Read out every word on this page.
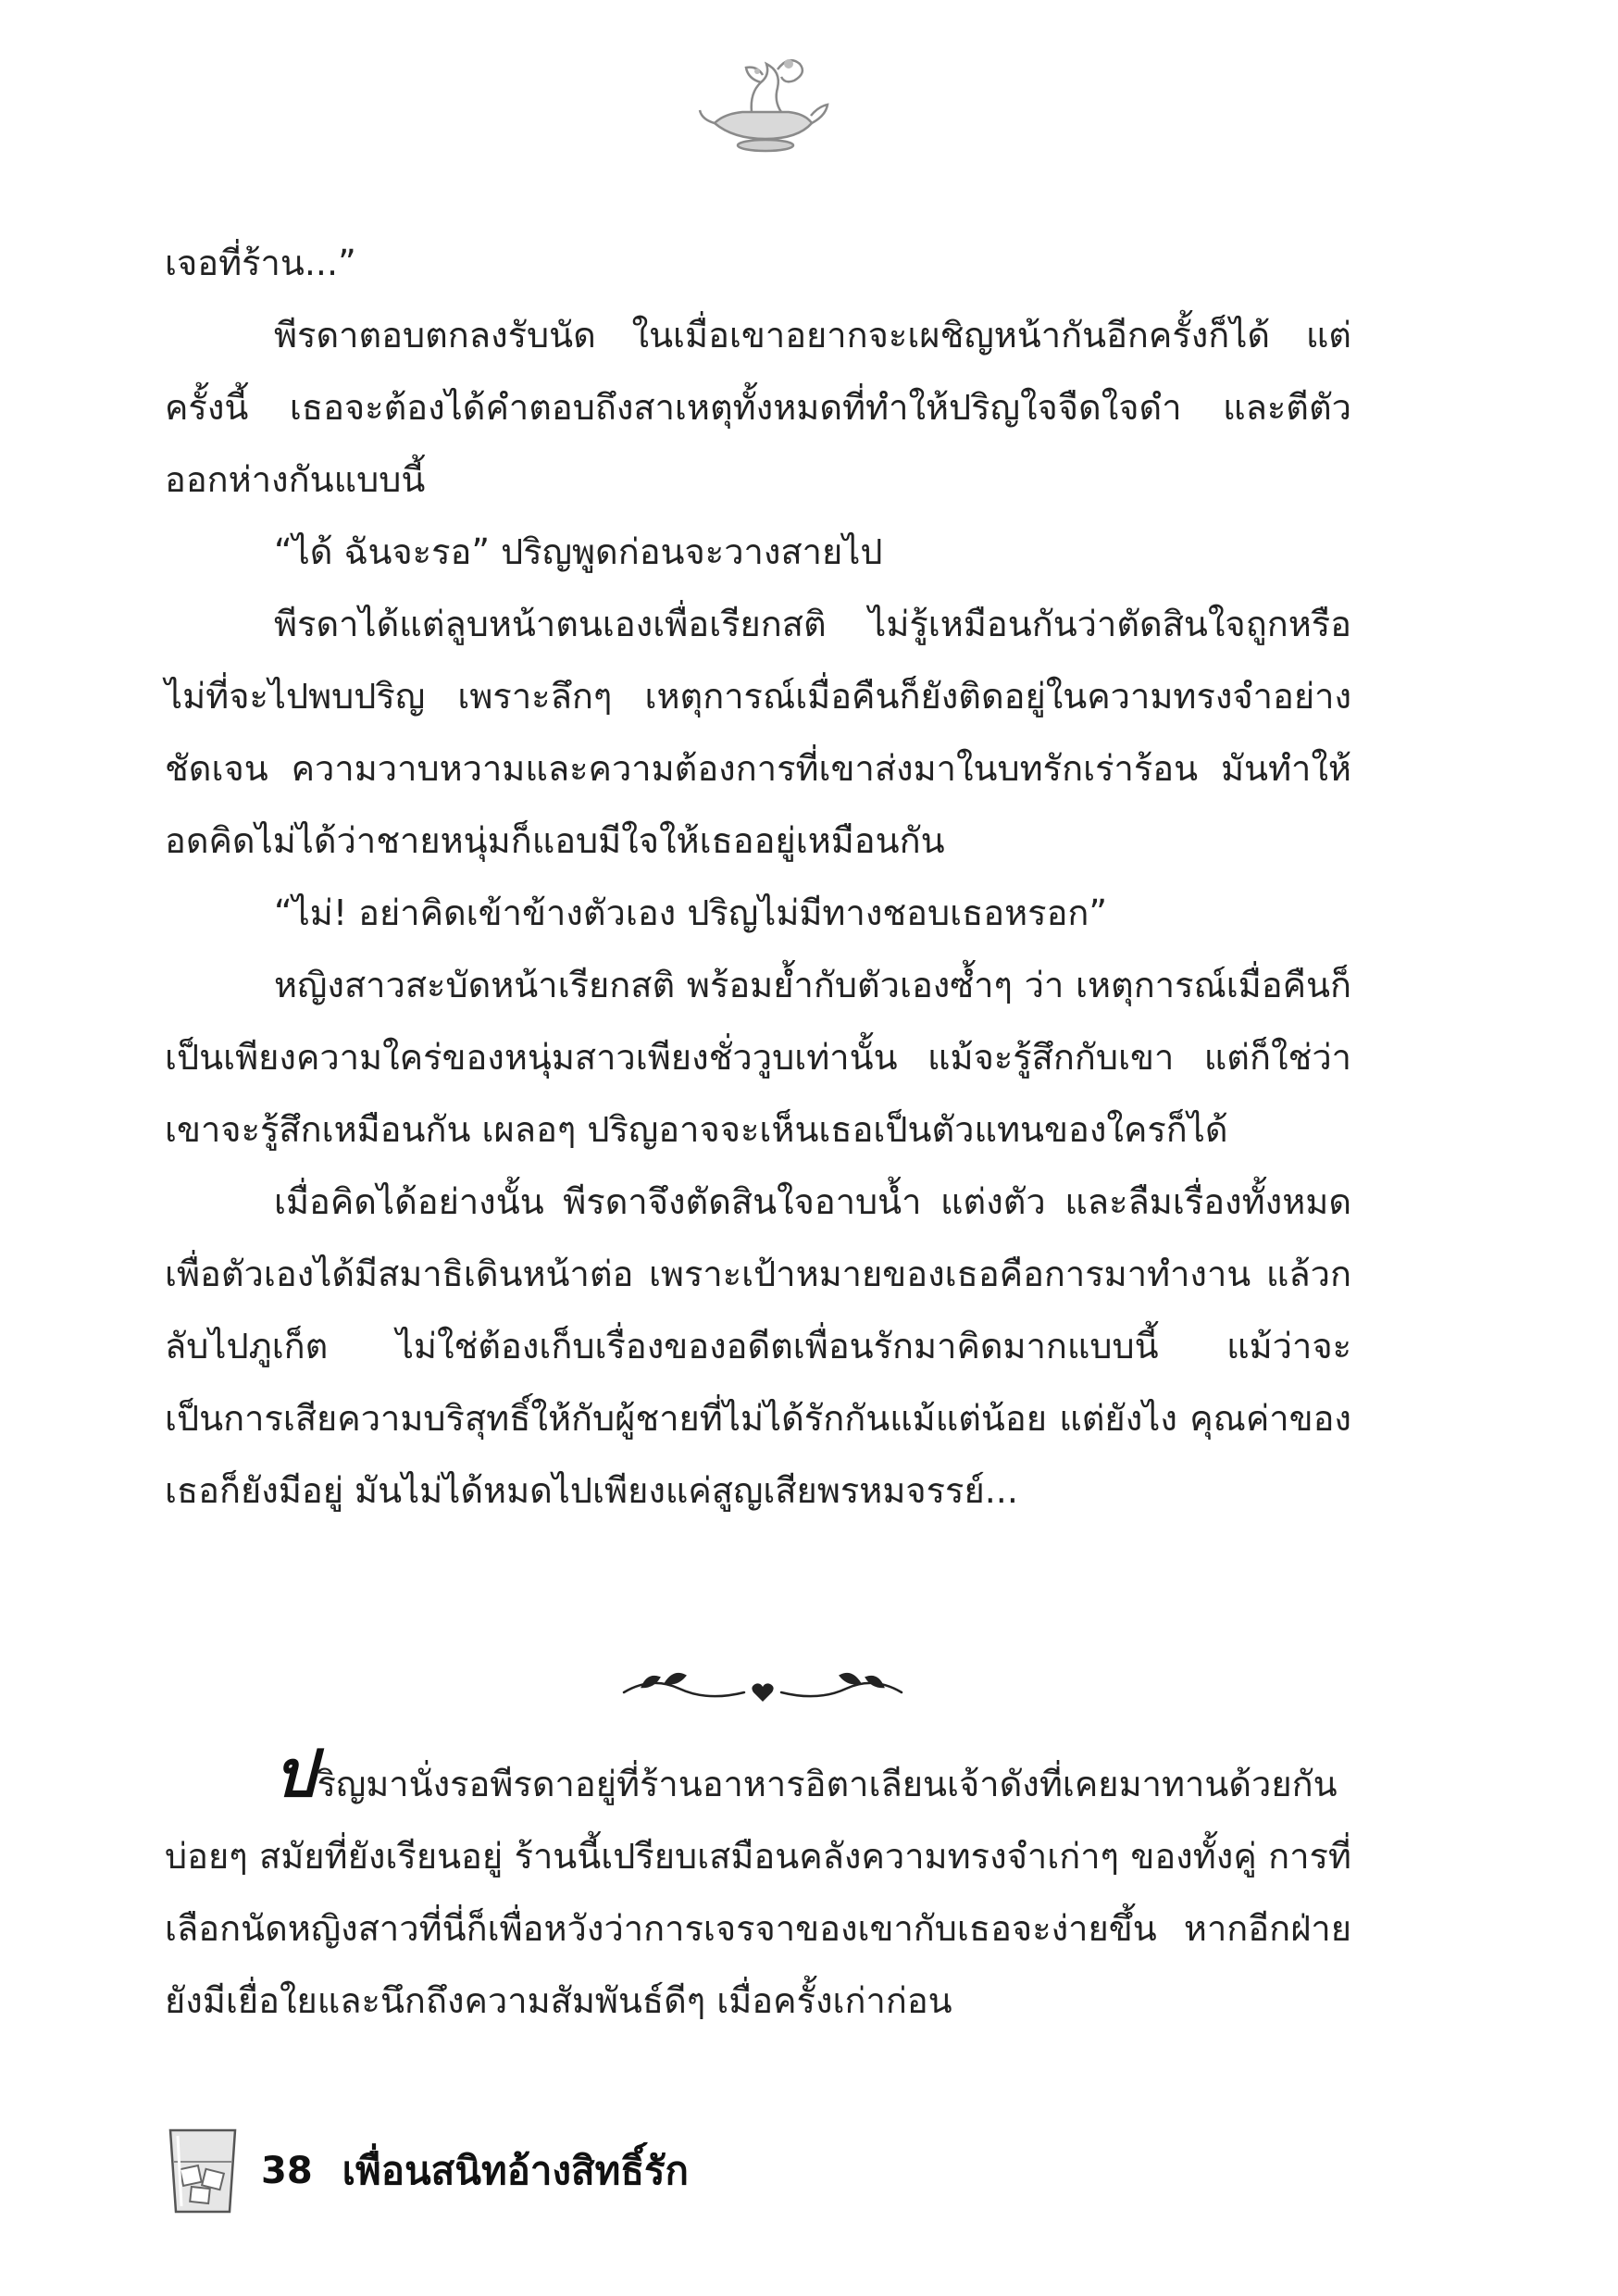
เจอที่ร้าน...”

พีรดาตอบตกลงรับนัด ในเมื่อเขาอยากจะเผชิญหน้ากันอีกครั้งก็ได้ แต่ครั้งนี้ เธอจะต้องได้คำตอบถึงสาเหตุทั้งหมดที่ทำให้ปริญใจจืดใจดำ และตีตัวออกห่างกันแบบนี้

“ได้ ฉันจะรอ” ปริญพูดก่อนจะวางสายไป

พีรดาได้แต่ลูบหน้าตนเองเพื่อเรียกสติ ไม่รู้เหมือนกันว่าตัดสินใจถูกหรือไม่ที่จะไปพบปริญ เพราะลึกๆ เหตุการณ์เมื่อคืนก็ยังติดอยู่ในความทรงจำอย่างชัดเจน ความวาบหวามและความต้องการที่เขาส่งมาในบทรักเร่าร้อน มันทำให้อดคิดไม่ได้ว่าชายหนุ่มก็แอบมีใจให้เธออยู่เหมือนกัน

“ไม่! อย่าคิดเข้าข้างตัวเอง ปริญไม่มีทางชอบเธอหรอก”

หญิงสาวสะบัดหน้าเรียกสติ พร้อมย้ำกับตัวเองซ้ำๆ ว่า เหตุการณ์เมื่อคืนก็เป็นเพียงความใคร่ของหนุ่มสาวเพียงชั่ววูบเท่านั้น แม้จะรู้สึกกับเขา แต่ก็ใช่ว่าเขาจะรู้สึกเหมือนกัน เผลอๆ ปริญอาจจะเห็นเธอเป็นตัวแทนของใครก็ได้

เมื่อคิดได้อย่างนั้น พีรดาจึงตัดสินใจอาบน้ำ แต่งตัว และลืมเรื่องทั้งหมดเพื่อตัวเองได้มีสมาธิเดินหน้าต่อ เพราะเป้าหมายของเธอคือการมาทำงาน แล้วกลับไปภูเก็ต ไม่ใช่ต้องเก็บเรื่องของอดีตเพื่อนรักมาคิดมากแบบนี้ แม้ว่าจะเป็นการเสียความบริสุทธิ์ให้กับผู้ชายที่ไม่ได้รักกันแม้แต่น้อย แต่ยังไง คุณค่าของเธอก็ยังมีอยู่ มันไม่ได้หมดไปเพียงแค่สูญเสียพรหมจรรย์...

ปริญมานั่งรอพีรดาอยู่ที่ร้านอาหารอิตาเลียนเจ้าดังที่เคยมาทานด้วยกันบ่อยๆ สมัยที่ยังเรียนอยู่ ร้านนี้เปรียบเสมือนคลังความทรงจำเก่าๆ ของทั้งคู่ การที่เลือกนัดหญิงสาวที่นี่ก็เพื่อหวังว่าการเจรจาของเขากับเธอจะง่ายขึ้น หากอีกฝ่ายยังมีเยื่อใยและนึกถึงความสัมพันธ์ดีๆ เมื่อครั้งเก่าก่อน

38 เพื่อนสนิทอ้างสิทธิ์รัก
